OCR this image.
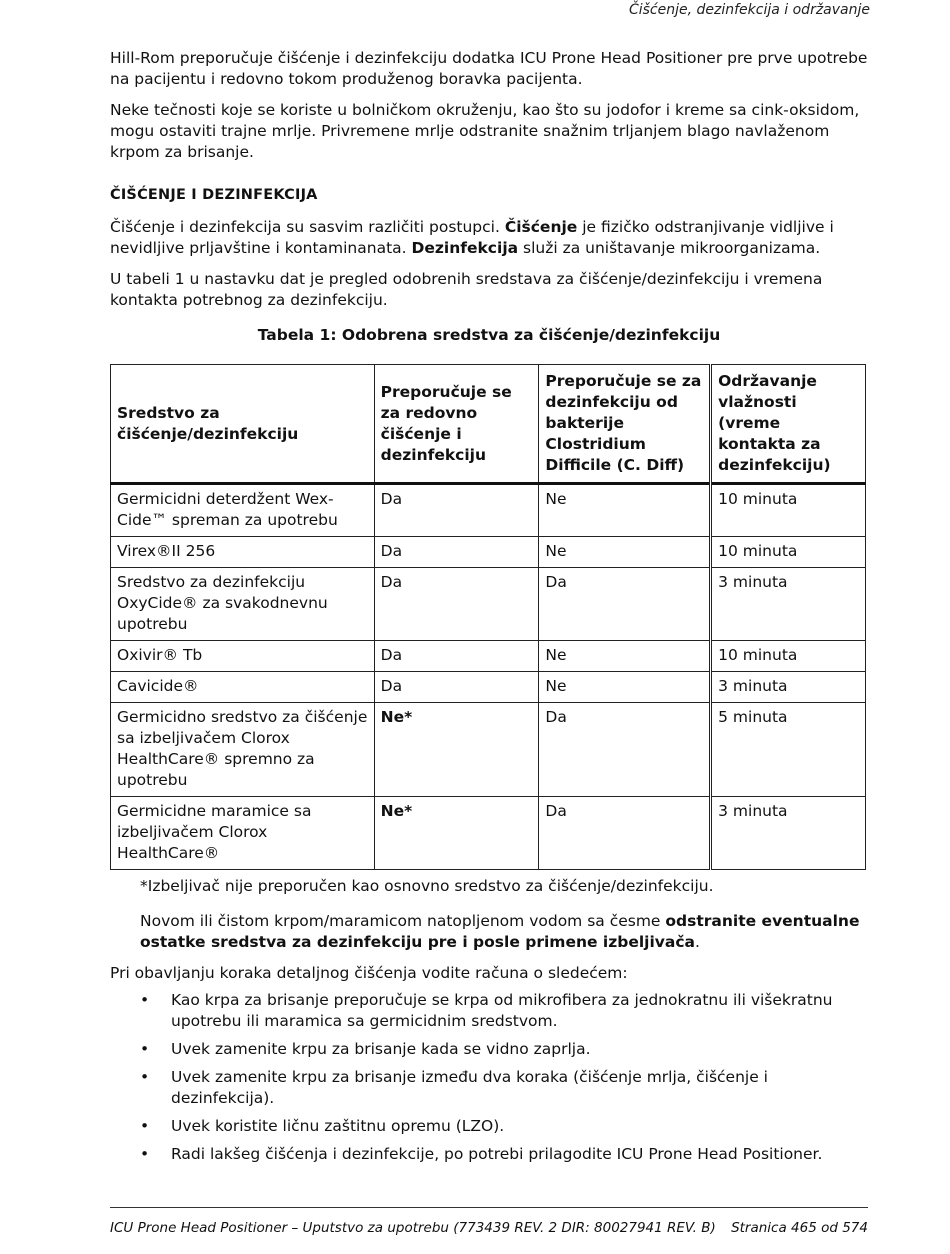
Čišćenje, dezinfekcija i održavanje

Hill-Rom preporučuje čišćenje i dezinfekciju dodatka ICU Prone Head Positioner pre prve upotrebe na pacijentu i redovno tokom produženog boravka pacijenta.

Neke tečnosti koje se koriste u bolničkom okruženju, kao što su jodofor i kreme sa cink-oksidom, mogu ostaviti trajne mrlje. Privremene mrlje odstranite snažnim trljanjem blago navlaženom krpom za brisanje.

ČIŠĆENJE I DEZINFEKCIJA

Čišćenje i dezinfekcija su sasvim različiti postupci. Čišćenje je fizičko odstranjivanje vidljive i nevidljive prljavštine i kontaminanata. Dezinfekcija služi za uništavanje mikroorganizama.

U tabeli 1 u nastavku dat je pregled odobrenih sredstava za čišćenje/dezinfekciju i vremena kontakta potrebnog za dezinfekciju.

Tabela 1: Odobrena sredstva za čišćenje/dezinfekciju
Sredstvo za čišćenje/dezinfekciju	Preporučuje se za redovno čišćenje i dezinfekciju	Preporučuje se za dezinfekciju od bakterije Clostridium Difficile (C. Diff)	Održavanje vlažnosti (vreme kontakta za dezinfekciju)
Germicidni deterdžent Wex-Cide™ spreman za upotrebu	Da	Ne	10 minuta
Virex®II 256	Da	Ne	10 minuta
Sredstvo za dezinfekciju OxyCide® za svakodnevnu upotrebu	Da	Da	3 minuta
Oxivir® Tb	Da	Ne	10 minuta
Cavicide®	Da	Ne	3 minuta
Germicidno sredstvo za čišćenje sa izbeljivačem Clorox HealthCare® spremno za upotrebu	Ne*	Da	5 minuta
Germicidne maramice sa izbeljivačem Clorox HealthCare®	Ne*	Da	3 minuta

*Izbeljivač nije preporučen kao osnovno sredstvo za čišćenje/dezinfekciju.

Novom ili čistom krpom/maramicom natopljenom vodom sa česme odstranite eventualne ostatke sredstva za dezinfekciju pre i posle primene izbeljivača.

Pri obavljanju koraka detaljnog čišćenja vodite računa o sledećem:

• Kao krpa za brisanje preporučuje se krpa od mikrofibera za jednokratnu ili višekratnu upotrebu ili maramica sa germicidnim sredstvom.
• Uvek zamenite krpu za brisanje kada se vidno zaprlja.
• Uvek zamenite krpu za brisanje između dva koraka (čišćenje mrlja, čišćenje i dezinfekcija).
• Uvek koristite ličnu zaštitnu opremu (LZO).
• Radi lakšeg čišćenja i dezinfekcije, po potrebi prilagodite ICU Prone Head Positioner.
ICU Prone Head Positioner – Uputstvo za upotrebu (773439 REV. 2 DIR: 80027941 REV. B) Stranica 465 od 574
